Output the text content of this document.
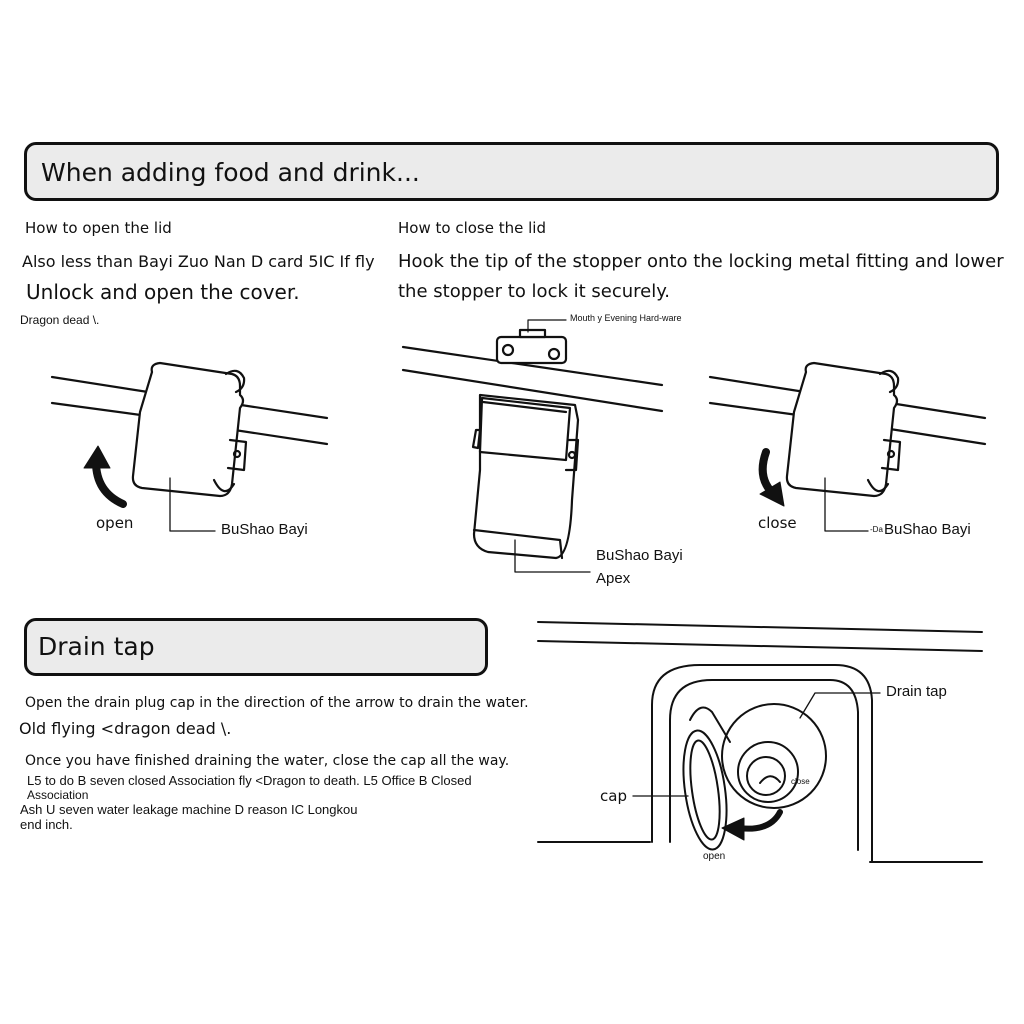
When adding food and drink...
How to open the lid
Also less than Bayi Zuo Nan D card 5IC If fly
Unlock and open the cover.
Dragon dead \.
How to close the lid
Hook the tip of the stopper onto the locking metal fitting and lower
the stopper to lock it securely.
open	BuShao Bayi
Mouth y Evening Hard-ware
BuShao Bayi
Apex
close	-Da BuShao Bayi
Drain tap
Open the drain plug cap in the direction of the arrow to drain the water.
Old flying <dragon dead \.
Once you have finished draining the water, close the cap all the way.
L5 to do B seven closed Association fly <Dragon to death. L5 Office B Closed
Association
Ash U seven water leakage machine D reason IC Longkou
end inch.
Drain tap
cap
open
close
